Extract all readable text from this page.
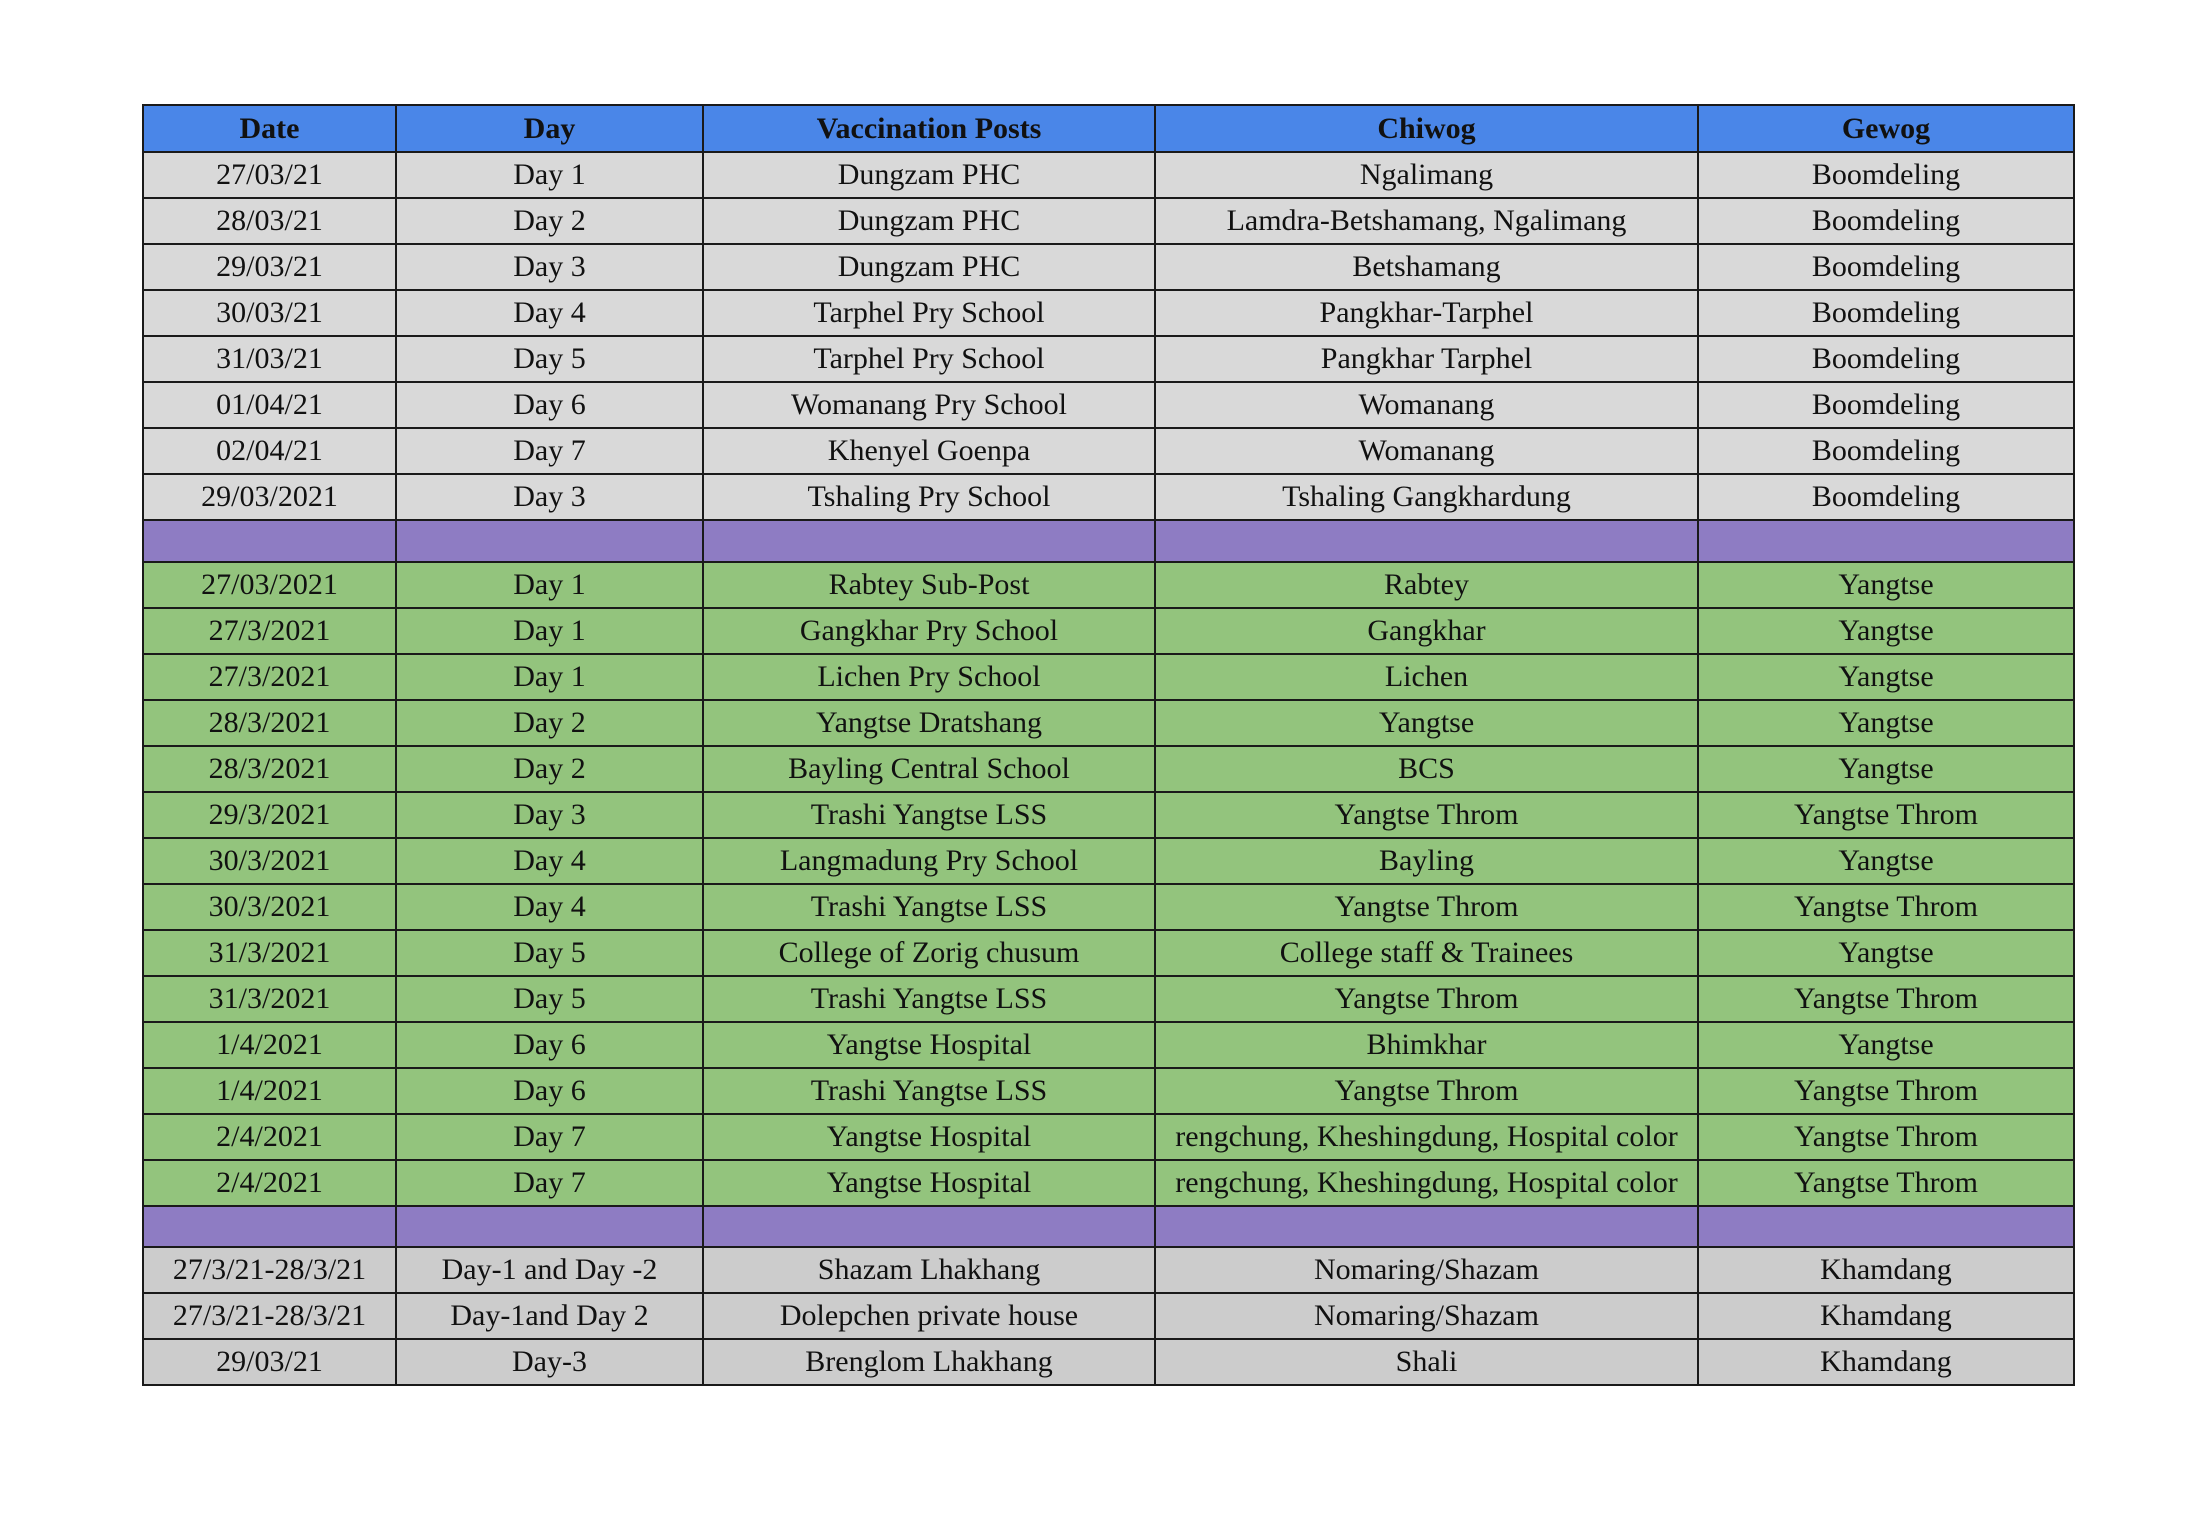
Date	Day	Vaccination Posts	Chiwog	Gewog
27/03/21	Day 1	Dungzam PHC	Ngalimang	Boomdeling
28/03/21	Day 2	Dungzam PHC	Lamdra-Betshamang, Ngalimang	Boomdeling
29/03/21	Day 3	Dungzam PHC	Betshamang	Boomdeling
30/03/21	Day 4	Tarphel Pry School	Pangkhar-Tarphel	Boomdeling
31/03/21	Day 5	Tarphel Pry School	Pangkhar Tarphel	Boomdeling
01/04/21	Day 6	Womanang Pry School	Womanang	Boomdeling
02/04/21	Day 7	Khenyel Goenpa	Womanang	Boomdeling
29/03/2021	Day 3	Tshaling Pry School	Tshaling Gangkhardung	Boomdeling

27/03/2021	Day 1	Rabtey Sub-Post	Rabtey	Yangtse
27/3/2021	Day 1	Gangkhar Pry School	Gangkhar	Yangtse
27/3/2021	Day 1	Lichen Pry School	Lichen	Yangtse
28/3/2021	Day 2	Yangtse Dratshang	Yangtse	Yangtse
28/3/2021	Day 2	Bayling Central School	BCS	Yangtse
29/3/2021	Day 3	Trashi Yangtse LSS	Yangtse Throm	Yangtse Throm
30/3/2021	Day 4	Langmadung Pry School	Bayling	Yangtse
30/3/2021	Day 4	Trashi Yangtse LSS	Yangtse Throm	Yangtse Throm
31/3/2021	Day 5	College of Zorig chusum	College staff & Trainees	Yangtse
31/3/2021	Day 5	Trashi Yangtse LSS	Yangtse Throm	Yangtse Throm
1/4/2021	Day 6	Yangtse Hospital	Bhimkhar	Yangtse
1/4/2021	Day 6	Trashi Yangtse LSS	Yangtse Throm	Yangtse Throm
2/4/2021	Day 7	Yangtse Hospital	rengchung, Kheshingdung, Hospital color	Yangtse Throm
2/4/2021	Day 7	Yangtse Hospital	rengchung, Kheshingdung, Hospital color	Yangtse Throm

27/3/21-28/3/21	Day-1 and Day -2	Shazam Lhakhang	Nomaring/Shazam	Khamdang
27/3/21-28/3/21	Day-1and Day 2	Dolepchen private house	Nomaring/Shazam	Khamdang
29/03/21	Day-3	Brenglom Lhakhang	Shali	Khamdang
